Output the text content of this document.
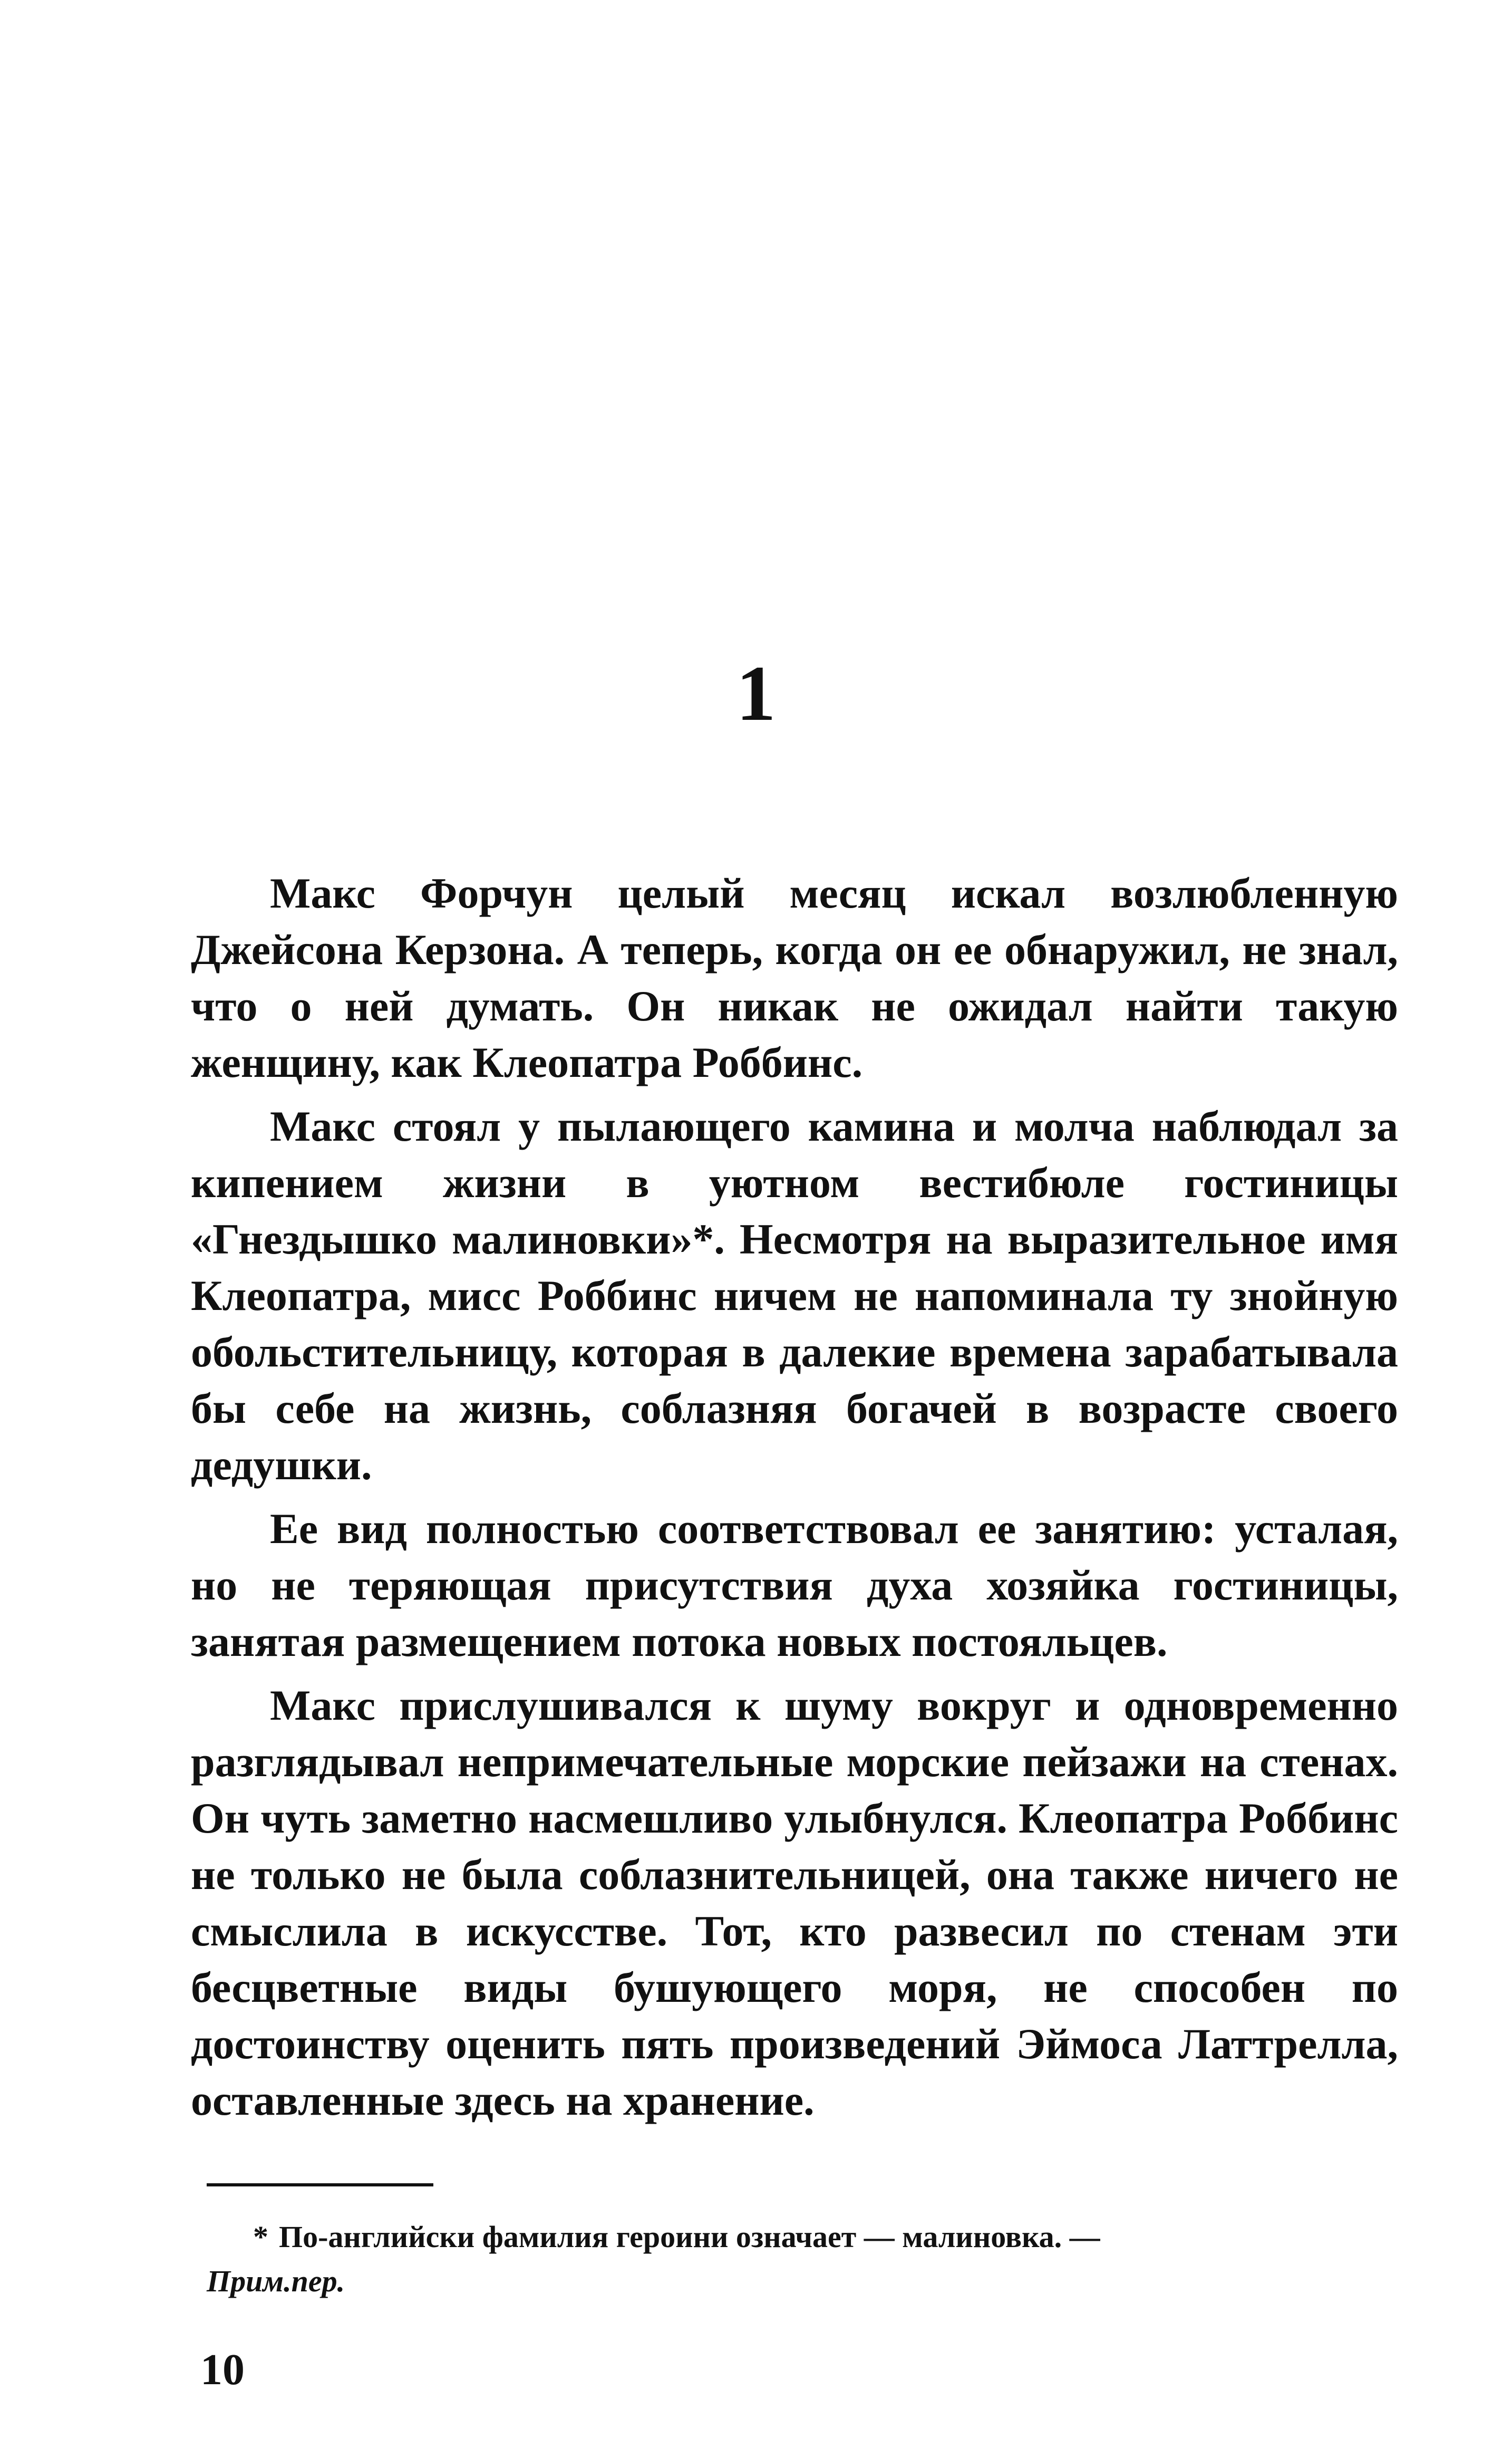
1

Макс Форчун целый месяц искал возлюбленную Джейсона Керзона. А теперь, когда он ее обнаружил, не знал, что о ней думать. Он никак не ожидал найти такую женщину, как Клеопатра Роббинс.

Макс стоял у пылающего камина и молча наблюдал за кипением жизни в уютном вестибюле гостиницы «Гнездышко малиновки»*. Несмотря на выразительное имя Клеопатра, мисс Роббинс ничем не напоминала ту знойную обольстительницу, которая в далекие времена зарабатывала бы себе на жизнь, соблазняя богачей в возрасте своего дедушки.

Ее вид полностью соответствовал ее занятию: усталая, но не теряющая присутствия духа хозяйка гостиницы, занятая размещением потока новых постояльцев.

Макс прислушивался к шуму вокруг и одновременно разглядывал непримечательные морские пейзажи на стенах. Он чуть заметно насмешливо улыбнулся. Клеопатра Роббинс не только не была соблазнительницей, она также ничего не смыслила в искусстве. Тот, кто развесил по стенам эти бесцветные виды бушующего моря, не способен по достоинству оценить пять произведений Эймоса Латтрелла, оставленные здесь на хранение.

* По-английски фамилия героини означает — малиновка. —
Прим.пер.
10
